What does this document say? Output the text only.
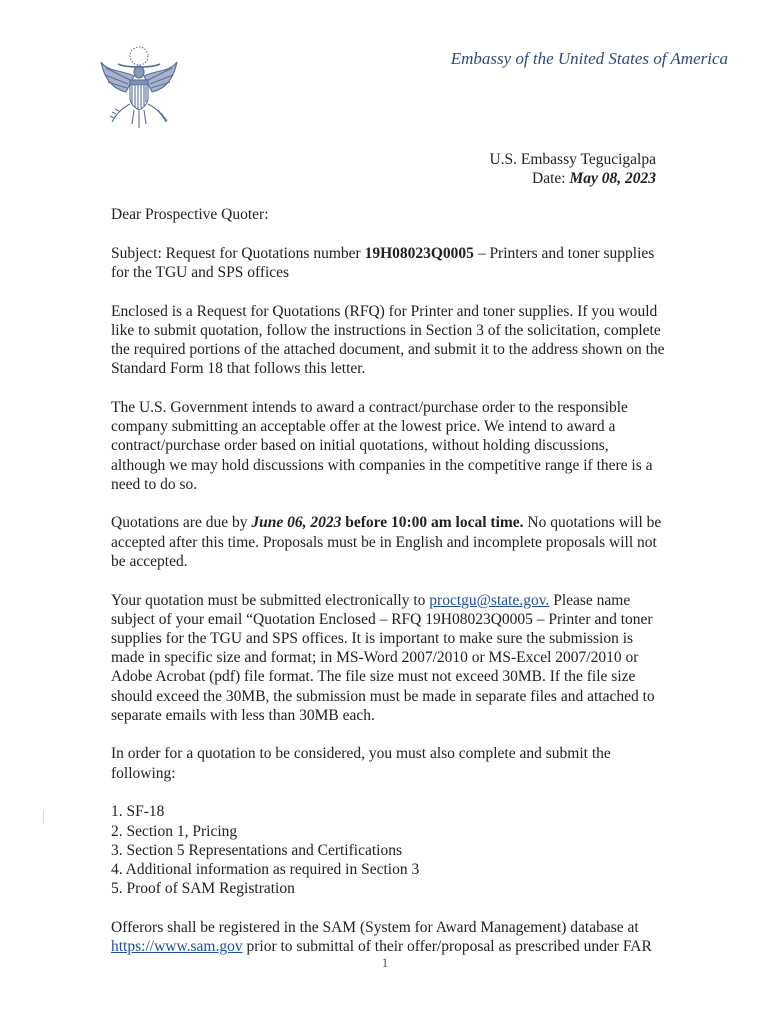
Embassy of the United States of America
U.S. Embassy Tegucigalpa
Date: May 08, 2023

Dear Prospective Quoter:

Subject: Request for Quotations number 19H08023Q0005 – Printers and toner supplies for the TGU and SPS offices

Enclosed is a Request for Quotations (RFQ) for Printer and toner supplies. If you would like to submit quotation, follow the instructions in Section 3 of the solicitation, complete the required portions of the attached document, and submit it to the address shown on the Standard Form 18 that follows this letter.

The U.S. Government intends to award a contract/purchase order to the responsible company submitting an acceptable offer at the lowest price. We intend to award a contract/purchase order based on initial quotations, without holding discussions, although we may hold discussions with companies in the competitive range if there is a need to do so.

Quotations are due by June 06, 2023 before 10:00 am local time. No quotations will be accepted after this time. Proposals must be in English and incomplete proposals will not be accepted.

Your quotation must be submitted electronically to proctgu@state.gov. Please name subject of your email “Quotation Enclosed – RFQ 19H08023Q0005 – Printer and toner supplies for the TGU and SPS offices. It is important to make sure the submission is made in specific size and format; in MS-Word 2007/2010 or MS-Excel 2007/2010 or Adobe Acrobat (pdf) file format. The file size must not exceed 30MB. If the file size should exceed the 30MB, the submission must be made in separate files and attached to separate emails with less than 30MB each.

In order for a quotation to be considered, you must also complete and submit the following:

1. SF-18
2. Section 1, Pricing
3. Section 5 Representations and Certifications
4. Additional information as required in Section 3
5. Proof of SAM Registration

Offerors shall be registered in the SAM (System for Award Management) database at https://www.sam.gov prior to submittal of their offer/proposal as prescribed under FAR

1
